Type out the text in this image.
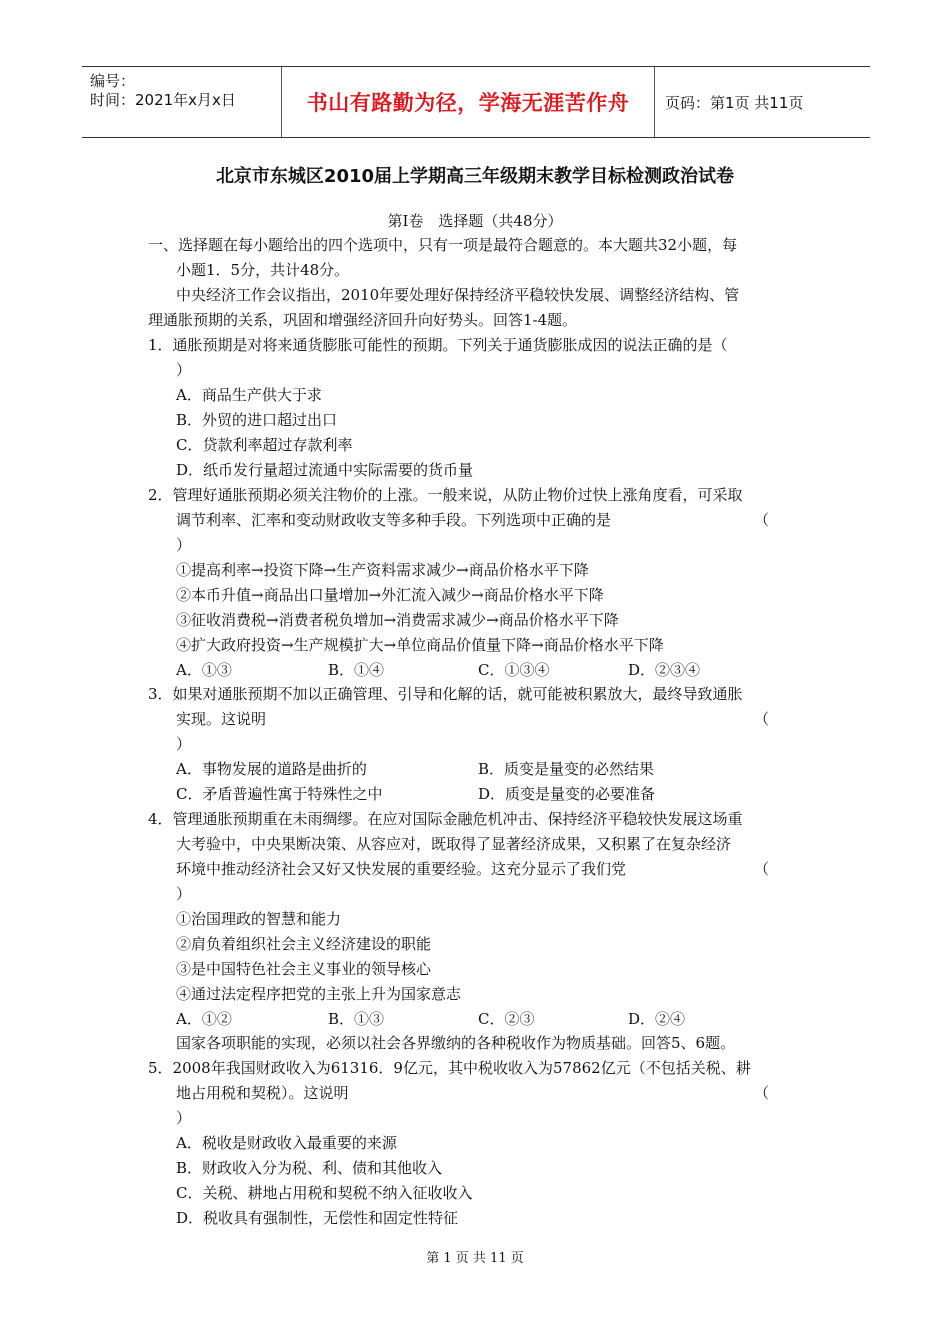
编号：
时间：2021年x月x日	书山有路勤为径，学海无涯苦作舟	页码：第1页 共11页
北京市东城区2010届上学期高三年级期末教学目标检测政治试卷
第Ⅰ卷　选择题（共48分）
一、选择题在每小题给出的四个选项中，只有一项是最符合题意的。本大题共32小题，每
小题1．5分，共计48分。
中央经济工作会议指出，2010年要处理好保持经济平稳较快发展、调整经济结构、管
理通胀预期的关系，巩固和增强经济回升向好势头。回答1-4题。
1．通胀预期是对将来通货膨胀可能性的预期。下列关于通货膨胀成因的说法正确的是（
）
A．商品生产供大于求
B．外贸的进口超过出口
C．贷款利率超过存款利率
D．纸币发行量超过流通中实际需要的货币量
2．管理好通胀预期必须关注物价的上涨。一般来说，从防止物价过快上涨角度看，可采取
调节利率、汇率和变动财政收支等多种手段。下列选项中正确的是	（
）
①提高利率→投资下降→生产资料需求减少→商品价格水平下降
②本币升值→商品出口量增加→外汇流入减少→商品价格水平下降
③征收消费税→消费者税负增加→消费需求减少→商品价格水平下降
④扩大政府投资→生产规模扩大→单位商品价值量下降→商品价格水平下降
A．①③	B．①④	C．①③④	D．②③④
3．如果对通胀预期不加以正确管理、引导和化解的话，就可能被积累放大，最终导致通胀
实现。这说明	（
）
A．事物发展的道路是曲折的	B．质变是量变的必然结果
C．矛盾普遍性寓于特殊性之中	D．质变是量变的必要准备
4．管理通胀预期重在未雨绸缪。在应对国际金融危机冲击、保持经济平稳较快发展这场重
大考验中，中央果断决策、从容应对，既取得了显著经济成果，又积累了在复杂经济
环境中推动经济社会又好又快发展的重要经验。这充分显示了我们党	（
）
①治国理政的智慧和能力
②肩负着组织社会主义经济建设的职能
③是中国特色社会主义事业的领导核心
④通过法定程序把党的主张上升为国家意志
A．①②	B．①③	C．②③	D．②④
国家各项职能的实现，必须以社会各界缴纳的各种税收作为物质基础。回答5、6题。
5．2008年我国财政收入为61316．9亿元，其中税收收入为57862亿元（不包括关税、耕
地占用税和契税）。这说明	（
）
A．税收是财政收入最重要的来源
B．财政收入分为税、利、债和其他收入
C．关税、耕地占用税和契税不纳入征收收入
D．税收具有强制性，无偿性和固定性特征
第 1 页 共 11 页
